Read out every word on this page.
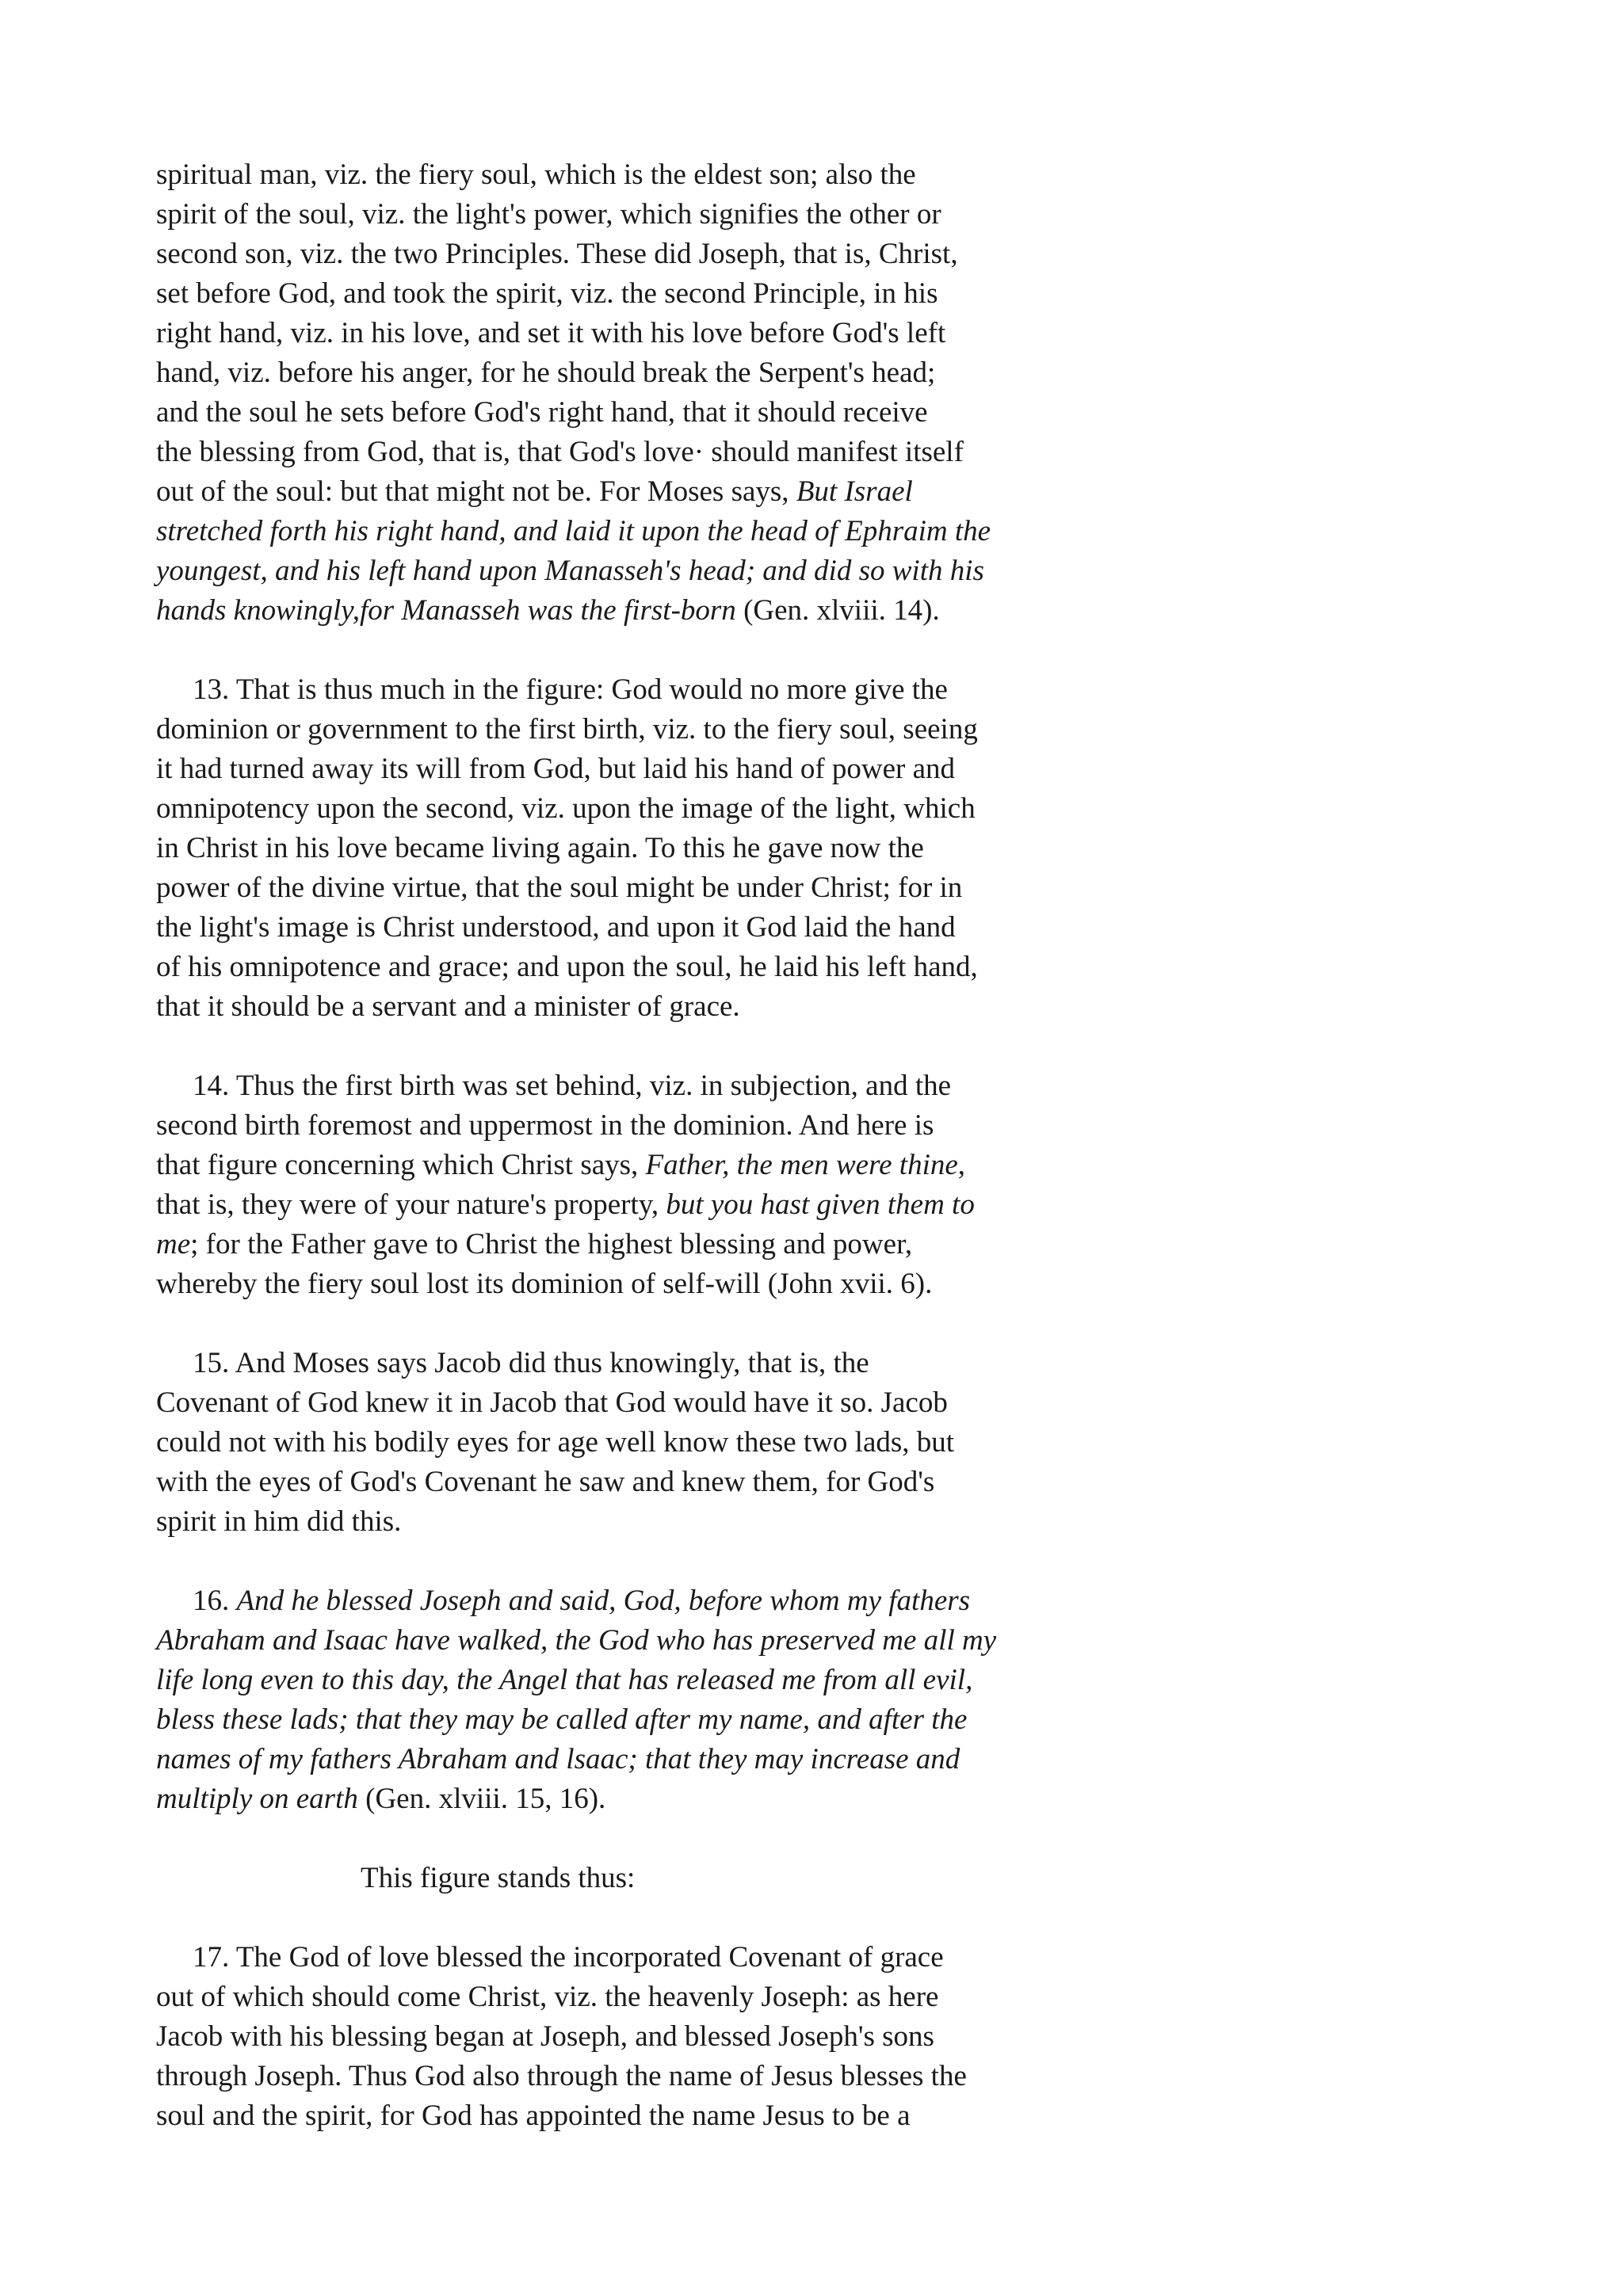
spiritual man, viz. the fiery soul, which is the eldest son; also the
spirit of the soul, viz. the light's power, which signifies the other or
second son, viz. the two Principles. These did Joseph, that is, Christ,
set before God, and took the spirit, viz. the second Principle, in his
right hand, viz. in his love, and set it with his love before God's left
hand, viz. before his anger, for he should break the Serpent's head;
and the soul he sets before God's right hand, that it should receive
the blessing from God, that is, that God's love· should manifest itself
out of the soul: but that might not be. For Moses says, But Israel
stretched forth his right hand, and laid it upon the head of Ephraim the
youngest, and his left hand upon Manasseh's head; and did so with his
hands knowingly,for Manasseh was the first-born (Gen. xlviii. 14).
13. That is thus much in the figure: God would no more give the
dominion or government to the first birth, viz. to the fiery soul, seeing
it had turned away its will from God, but laid his hand of power and
omnipotency upon the second, viz. upon the image of the light, which
in Christ in his love became living again. To this he gave now the
power of the divine virtue, that the soul might be under Christ; for in
the light's image is Christ understood, and upon it God laid the hand
of his omnipotence and grace; and upon the soul, he laid his left hand,
that it should be a servant and a minister of grace.
14. Thus the first birth was set behind, viz. in subjection, and the
second birth foremost and uppermost in the dominion. And here is
that figure concerning which Christ says, Father, the men were thine,
that is, they were of your nature's property, but you hast given them to
me; for the Father gave to Christ the highest blessing and power,
whereby the fiery soul lost its dominion of self-will (John xvii. 6).
15. And Moses says Jacob did thus knowingly, that is, the
Covenant of God knew it in Jacob that God would have it so. Jacob
could not with his bodily eyes for age well know these two lads, but
with the eyes of God's Covenant he saw and knew them, for God's
spirit in him did this.
16. And he blessed Joseph and said, God, before whom my fathers
Abraham and Isaac have walked, the God who has preserved me all my
life long even to this day, the Angel that has released me from all evil,
bless these lads; that they may be called after my name, and after the
names of my fathers Abraham and lsaac; that they may increase and
multiply on earth (Gen. xlviii. 15, 16).
This figure stands thus:
17. The God of love blessed the incorporated Covenant of grace
out of which should come Christ, viz. the heavenly Joseph: as here
Jacob with his blessing began at Joseph, and blessed Joseph's sons
through Joseph. Thus God also through the name of Jesus blesses the
soul and the spirit, for God has appointed the name Jesus to be a
